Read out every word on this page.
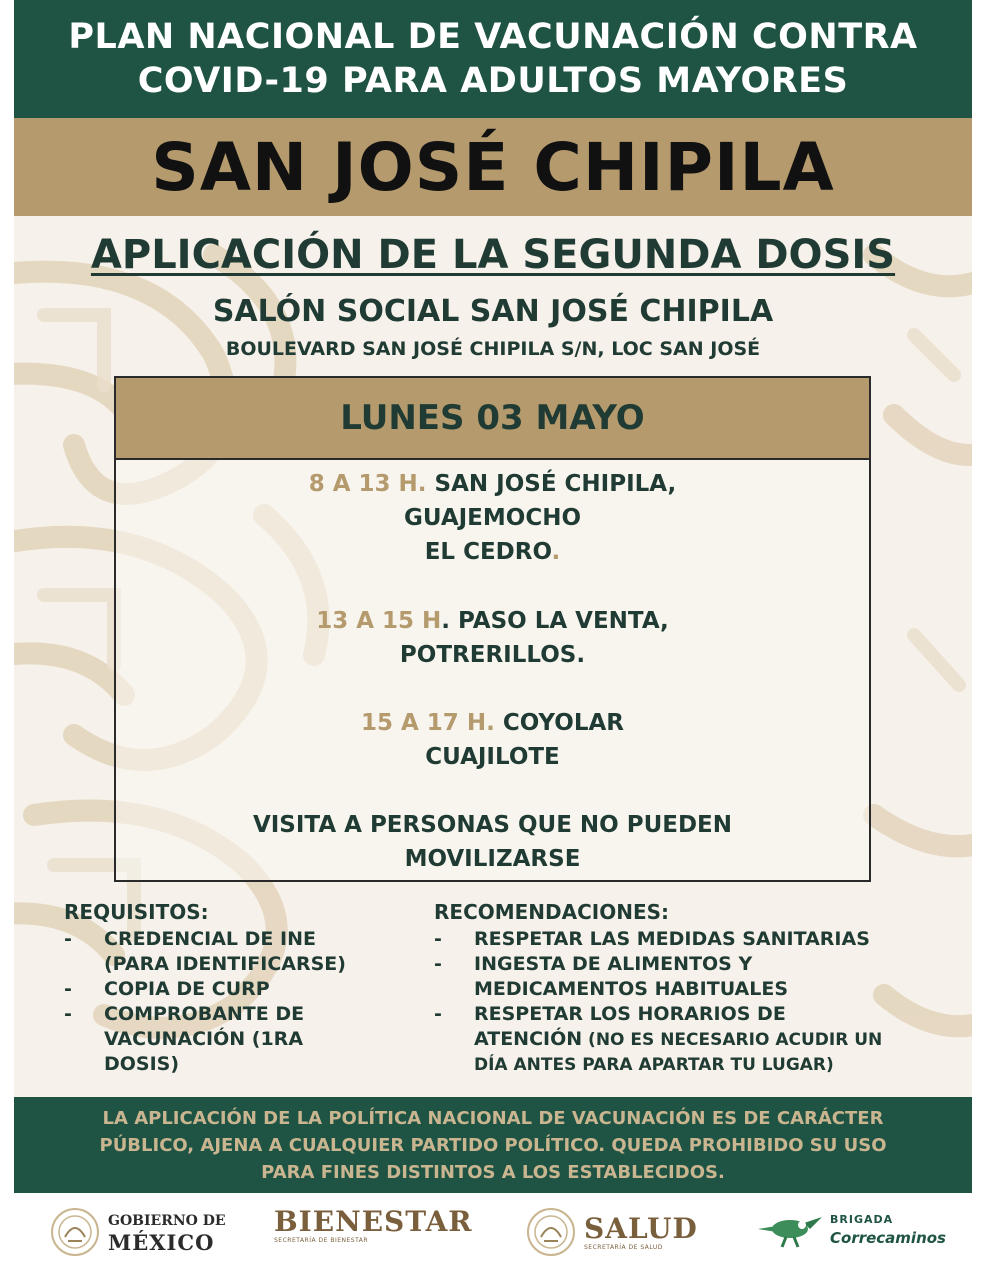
PLAN NACIONAL DE VACUNACIÓN CONTRA
COVID-19 PARA ADULTOS MAYORES
SAN JOSÉ CHIPILA
APLICACIÓN DE LA SEGUNDA DOSIS
SALÓN SOCIAL SAN JOSÉ CHIPILA
BOULEVARD SAN JOSÉ CHIPILA S/N, LOC SAN JOSÉ
LUNES 03 MAYO
8 A 13 H. SAN JOSÉ CHIPILA,
GUAJEMOCHO
EL CEDRO.
13 A 15 H. PASO LA VENTA,
POTRERILLOS.
15 A 17 H. COYOLAR
CUAJILOTE
VISITA A PERSONAS QUE NO PUEDEN
MOVILIZARSE
REQUISITOS:
- CREDENCIAL DE INE
(PARA IDENTIFICARSE)
- COPIA DE CURP
- COMPROBANTE DE
VACUNACIÓN (1RA
DOSIS)
RECOMENDACIONES:
- RESPETAR LAS MEDIDAS SANITARIAS
- INGESTA DE ALIMENTOS Y
MEDICAMENTOS HABITUALES
- RESPETAR LOS HORARIOS DE
ATENCIÓN (NO ES NECESARIO ACUDIR UN
DÍA ANTES PARA APARTAR TU LUGAR)
LA APLICACIÓN DE LA POLÍTICA NACIONAL DE VACUNACIÓN ES DE CARÁCTER
PÚBLICO, AJENA A CUALQUIER PARTIDO POLÍTICO. QUEDA PROHIBIDO SU USO
PARA FINES DISTINTOS A LOS ESTABLECIDOS.
GOBIERNO DE
MÉXICO
BIENESTAR
SECRETARÍA DE BIENESTAR	SALUD
SECRETARÍA DE SALUD
BRIGADA
Correcaminos
